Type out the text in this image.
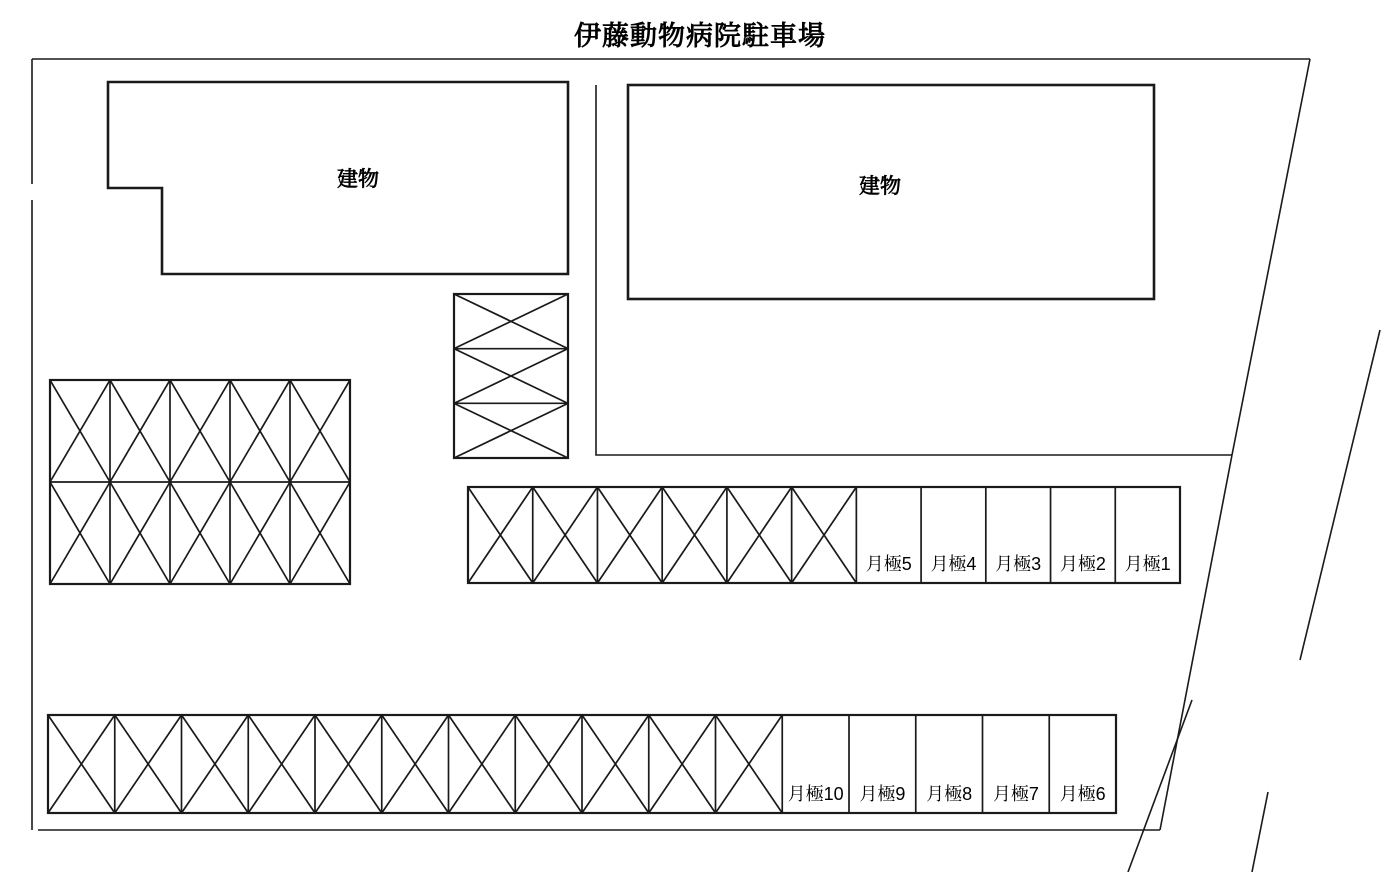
伊藤動物病院駐車場
建物	建物
月極5 月極4 月極3 月極2 月極1
月極10 月極9 月極8 月極7 月極6
